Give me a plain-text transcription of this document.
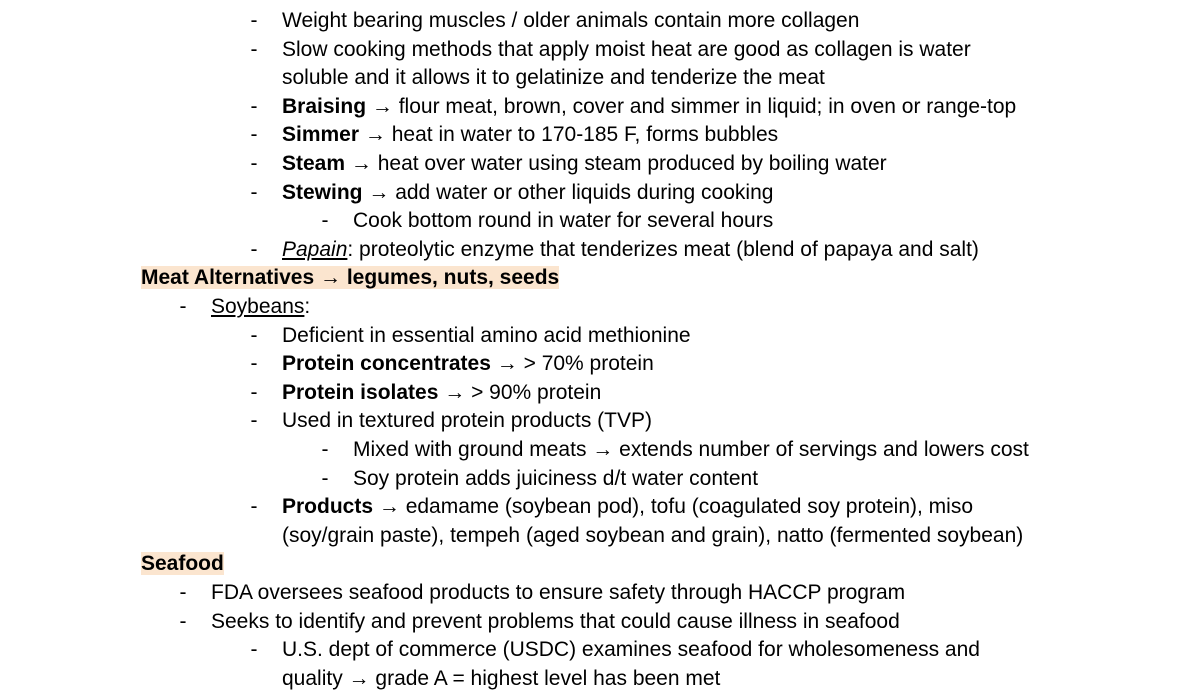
-	Weight bearing muscles / older animals contain more collagen
-	Slow cooking methods that apply moist heat are good as collagen is water
soluble and it allows it to gelatinize and tenderize the meat
-	Braising → flour meat, brown, cover and simmer in liquid; in oven or range-top
-	Simmer → heat in water to 170-185 F, forms bubbles
-	Steam → heat over water using steam produced by boiling water
-	Stewing → add water or other liquids during cooking
-	Cook bottom round in water for several hours
-	Papain: proteolytic enzyme that tenderizes meat (blend of papaya and salt)
Meat Alternatives → legumes, nuts, seeds
-	Soybeans:
-	Deficient in essential amino acid methionine
-	Protein concentrates → > 70% protein
-	Protein isolates → > 90% protein
-	Used in textured protein products (TVP)
-	Mixed with ground meats → extends number of servings and lowers cost
-	Soy protein adds juiciness d/t water content
-	Products → edamame (soybean pod), tofu (coagulated soy protein), miso
(soy/grain paste), tempeh (aged soybean and grain), natto (fermented soybean)
Seafood
-	FDA oversees seafood products to ensure safety through HACCP program
-	Seeks to identify and prevent problems that could cause illness in seafood
-	U.S. dept of commerce (USDC) examines seafood for wholesomeness and
quality → grade A = highest level has been met
